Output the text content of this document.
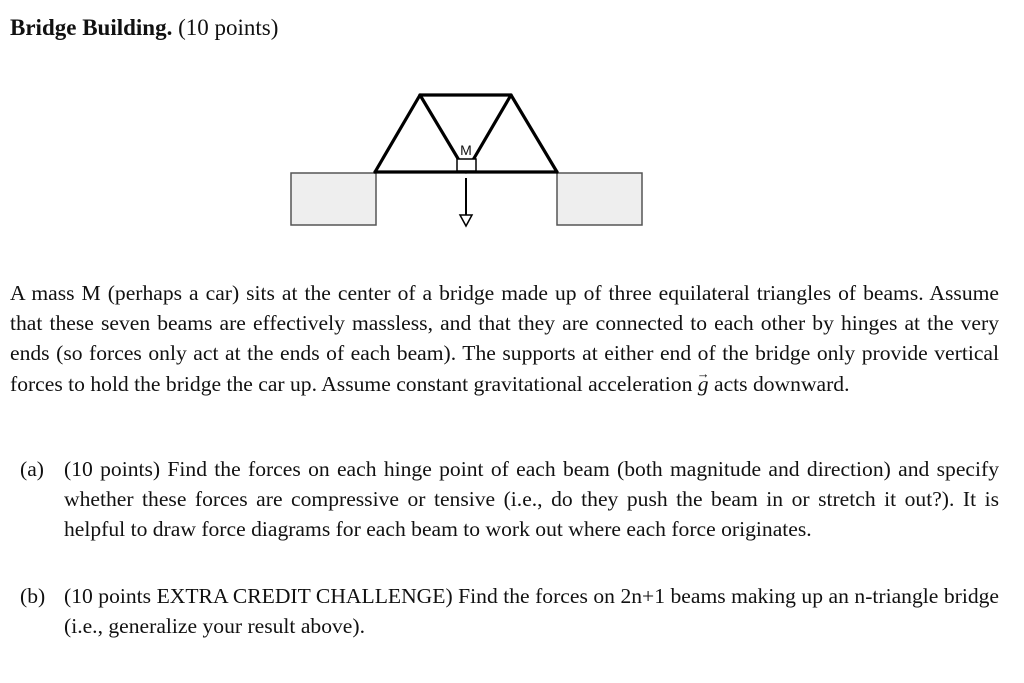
Bridge Building. (10 points)
M

A mass M (perhaps a car) sits at the center of a bridge made up of three equilateral triangles of beams. Assume that these seven beams are effectively massless, and that they are connected to each other by hinges at the very ends (so forces only act at the ends of each beam). The supports at either end of the bridge only provide vertical forces to hold the bridge the car up. Assume constant gravitational acceleration → g acts downward.

(a) (10 points) Find the forces on each hinge point of each beam (both magnitude and direction) and specify whether these forces are compressive or tensive (i.e., do they push the beam in or stretch it out?). It is helpful to draw force diagrams for each beam to work out where each force originates.
(b) (10 points EXTRA CREDIT CHALLENGE) Find the forces on 2n+1 beams making up an n-triangle bridge (i.e., generalize your result above).
